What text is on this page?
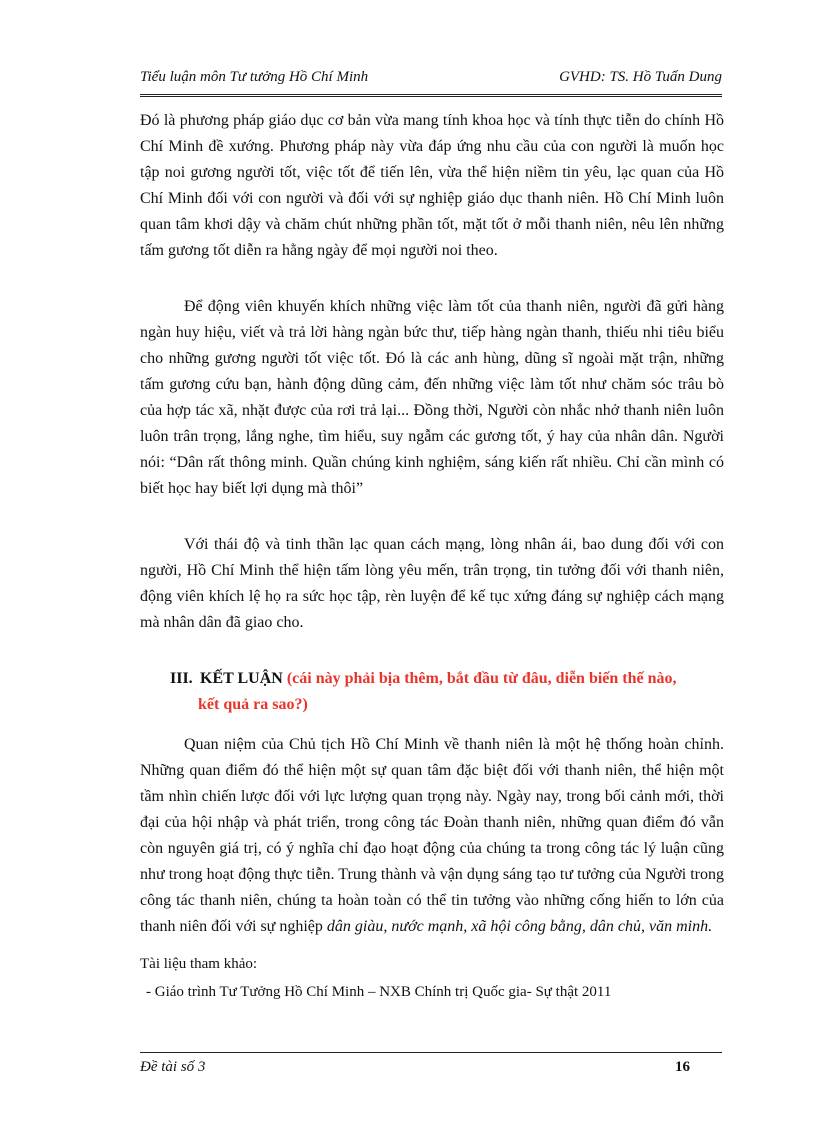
Tiểu luận môn Tư tưởng Hồ Chí Minh	GVHD: TS. Hồ Tuấn Dung

Đó là phương pháp giáo dục cơ bản vừa mang tính khoa học và tính thực tiễn do chính Hồ Chí Minh đề xướng. Phương pháp này vừa đáp ứng nhu cầu của con người là muốn học tập noi gương người tốt, việc tốt để tiến lên, vừa thể hiện niềm tin yêu, lạc quan của Hồ Chí Minh đối với con người và đối với sự nghiệp giáo dục thanh niên. Hồ Chí Minh luôn quan tâm khơi dậy và chăm chút những phần tốt, mặt tốt ở mỗi thanh niên, nêu lên những tấm gương tốt diễn ra hằng ngày để mọi người noi theo.

Để động viên khuyến khích những việc làm tốt của thanh niên, người đã gửi hàng ngàn huy hiệu, viết và trả lời hàng ngàn bức thư, tiếp hàng ngàn thanh, thiếu nhi tiêu biểu cho những gương người tốt việc tốt. Đó là các anh hùng, dũng sĩ ngoài mặt trận, những tấm gương cứu bạn, hành động dũng cảm, đến những việc làm tốt như chăm sóc trâu bò của hợp tác xã, nhặt được của rơi trả lại... Đồng thời, Người còn nhắc nhở thanh niên luôn luôn trân trọng, lắng nghe, tìm hiểu, suy ngẫm các gương tốt, ý hay của nhân dân. Người nói: “Dân rất thông minh. Quần chúng kinh nghiệm, sáng kiến rất nhiều. Chỉ cần mình có biết học hay biết lợi dụng mà thôi”

Với thái độ và tinh thần lạc quan cách mạng, lòng nhân ái, bao dung đối với con người, Hồ Chí Minh thể hiện tấm lòng yêu mến, trân trọng, tin tưởng đối với thanh niên, động viên khích lệ họ ra sức học tập, rèn luyện để kế tục xứng đáng sự nghiệp cách mạng mà nhân dân đã giao cho.

III. KẾT LUẬN (cái này phải bịa thêm, bắt đầu từ đâu, diễn biến thế nào,
kết quả ra sao?)

Quan niệm của Chủ tịch Hồ Chí Minh về thanh niên là một hệ thống hoàn chỉnh. Những quan điểm đó thể hiện một sự quan tâm đặc biệt đối với thanh niên, thể hiện một tầm nhìn chiến lược đối với lực lượng quan trọng này. Ngày nay, trong bối cảnh mới, thời đại của hội nhập và phát triển, trong công tác Đoàn thanh niên, những quan điểm đó vẫn còn nguyên giá trị, có ý nghĩa chỉ đạo hoạt động của chúng ta trong công tác lý luận cũng như trong hoạt động thực tiễn. Trung thành và vận dụng sáng tạo tư tưởng của Người trong công tác thanh niên, chúng ta hoàn toàn có thể tin tưởng vào những cống hiến to lớn của thanh niên đối với sự nghiệp dân giàu, nước mạnh, xã hội công bằng, dân chủ, văn minh.

Tài liệu tham khảo:

- Giáo trình Tư Tưởng Hồ Chí Minh – NXB Chính trị Quốc gia- Sự thật 2011

Đề tài số 3	16
